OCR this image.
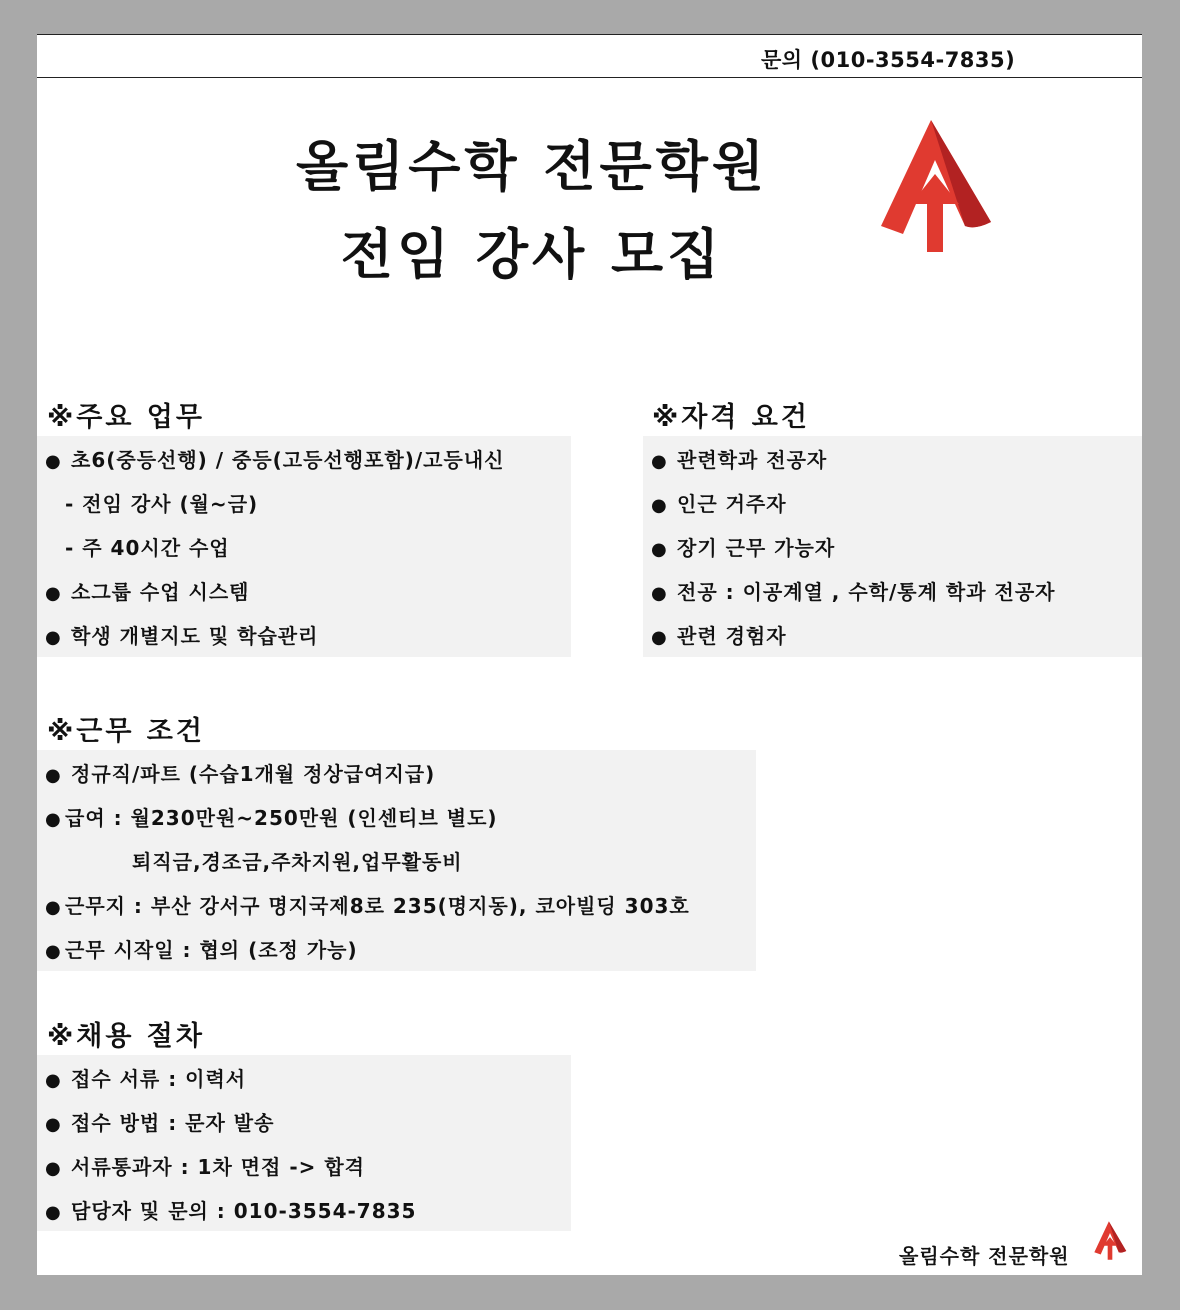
문의 (010-3554-7835)
올림수학 전문학원
전임 강사 모집
※주요 업무
● 초6(중등선행) / 중등(고등선행포함)/고등내신
- 전임 강사 (월~금)
- 주 40시간 수업
● 소그룹 수업 시스템
● 학생 개별지도 및 학습관리
※자격 요건
● 관련학과 전공자
● 인근 거주자
● 장기 근무 가능자
● 전공 : 이공계열 , 수학/통계 학과 전공자
● 관련 경험자
※근무 조건
● 정규직/파트 (수습1개월 정상급여지급)
● 급여 : 월230만원~250만원 (인센티브 별도)
퇴직금,경조금,주차지원,업무활동비
● 근무지 : 부산 강서구 명지국제8로 235(명지동), 코아빌딩 303호
● 근무 시작일 : 협의 (조정 가능)
※채용 절차
● 접수 서류 : 이력서
● 접수 방법 : 문자 발송
● 서류통과자 : 1차 면접 -> 합격
● 담당자 및 문의 : 010-3554-7835
올림수학 전문학원
